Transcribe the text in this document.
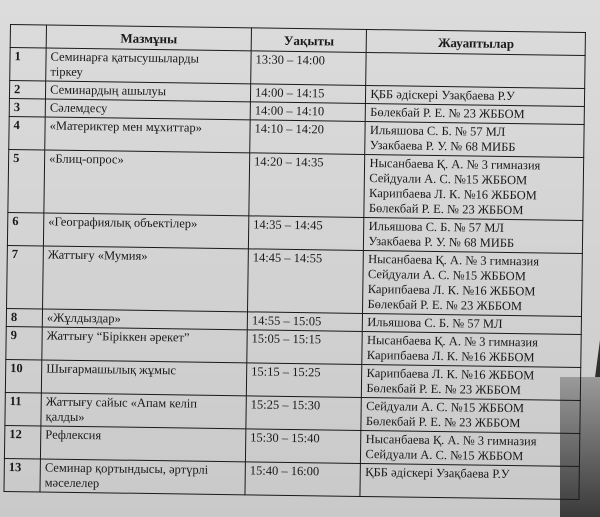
	Мазмұны	Уақыты	Жауаптылар
1	Семинарға қатысушыларды
тіркеу	13:30 – 14:00	
2	Семинардың ашылуы	14:00 – 14:15	ҚББ әдіскері Узақбаева Р.У

3	Сәлемдесу	14:00 – 14:10	Бөлекбай Р. Е. № 23 ЖББОМ

4	«Материктер мен мұхиттар»	14:10 – 14:20	Ильяшова С. Б. № 57 МЛ
Узакбаева Р. У. № 68 МИББ

5	«Блиц-опрос»	14:20 – 14:35	Нысанбаева Қ. А. № 3 гимназия
Сейдуали А. С. №15 ЖББОМ
Карипбаева Л. К. №16 ЖББОМ
Бөлекбай Р. Е. № 23 ЖББОМ

6	«Географиялық объектілер»	14:35 – 14:45	Ильяшова С. Б. № 57 МЛ
Узакбаева Р. У. № 68 МИББ

7	Жаттығу «Мумия»	14:45 – 14:55	Нысанбаева Қ. А. № 3 гимназия
Сейдуали А. С. №15 ЖББОМ
Карипбаева Л. К. №16 ЖББОМ
Бөлекбай Р. Е. № 23 ЖББОМ

8	«Жұлдыздар»	14:55 – 15:05	Ильяшова С. Б. № 57 МЛ

9	Жаттығу “Біріккен әрекет”	15:05 – 15:15	Нысанбаева Қ. А. № 3 гимназия
Карипбаева Л. К. №16 ЖББОМ

10	Шығармашылық жұмыс	15:15 – 15:25	Карипбаева Л. К. №16 ЖББОМ
Бөлекбай Р. Е. № 23 ЖББОМ

11	Жаттығу сайыс «Апам келіп
қалды»	15:25 – 15:30	Сейдуали А. С. №15 ЖББОМ
Бөлекбай Р. Е. № 23 ЖББОМ

12	Рефлексия	15:30 – 15:40	Нысанбаева Қ. А. № 3 гимназия
Сейдуали А. С. №15 ЖББОМ

13	Семинар қортындысы, әртүрлі
мәселелер	15:40 – 16:00	ҚББ әдіскері Узақбаева Р.У
